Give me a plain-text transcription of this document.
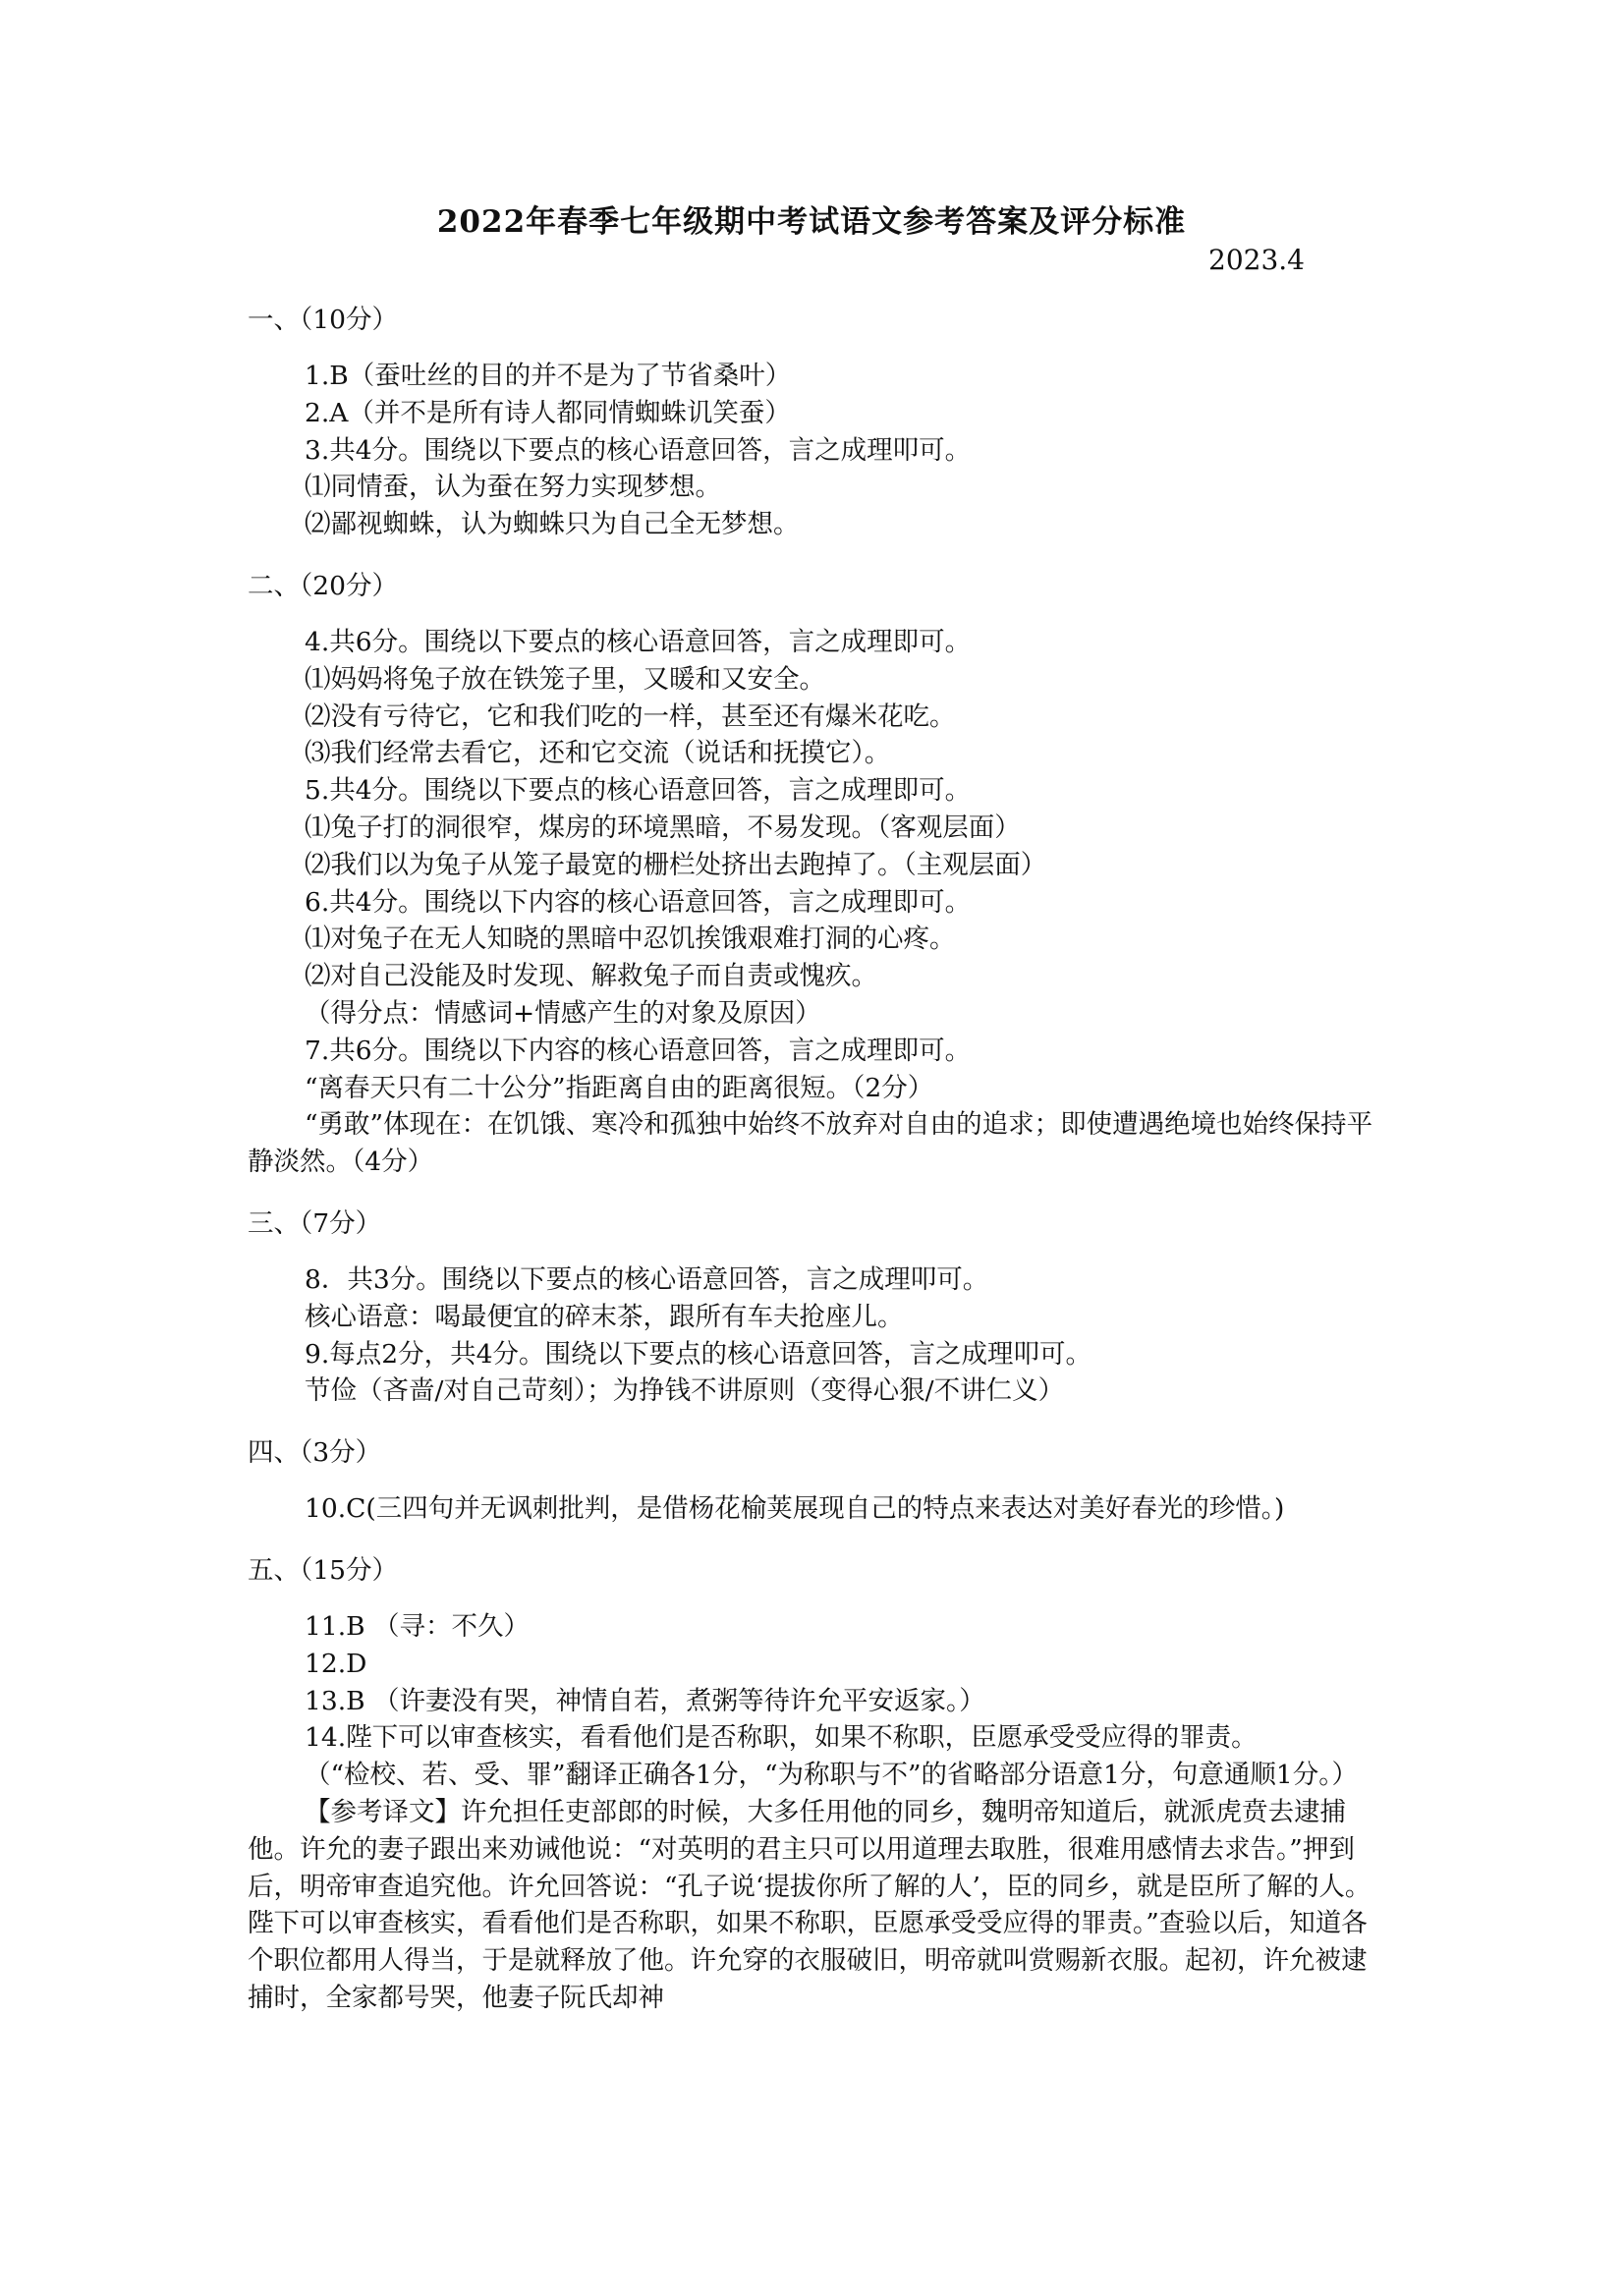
2022年春季七年级期中考试语文参考答案及评分标准
2023.4
一、（10分）
1.B（蚕吐丝的目的并不是为了节省桑叶）
2.A（并不是所有诗人都同情蜘蛛讥笑蚕）
3.共4分。围绕以下要点的核心语意回答，言之成理叩可。
⑴同情蚕，认为蚕在努力实现梦想。
⑵鄙视蜘蛛，认为蜘蛛只为自己全无梦想。
二、（20分）
4.共6分。围绕以下要点的核心语意回答，言之成理即可。
⑴妈妈将兔子放在铁笼子里，又暖和又安全。
⑵没有亏待它，它和我们吃的一样，甚至还有爆米花吃。
⑶我们经常去看它，还和它交流（说话和抚摸它）。
5.共4分。围绕以下要点的核心语意回答，言之成理即可。
⑴兔子打的洞很窄，煤房的环境黑暗，不易发现。（客观层面）
⑵我们以为兔子从笼子最宽的栅栏处挤出去跑掉了。（主观层面）
6.共4分。围绕以下内容的核心语意回答，言之成理即可。
⑴对兔子在无人知晓的黑暗中忍饥挨饿艰难打洞的心疼。
⑵对自己没能及时发现、解救兔子而自责或愧疚。
（得分点：情感词+情感产生的对象及原因）
7.共6分。围绕以下内容的核心语意回答，言之成理即可。
“离春天只有二十公分”指距离自由的距离很短。（2分）
“勇敢”体现在：在饥饿、寒冷和孤独中始终不放弃对自由的追求；即使遭遇绝境也始终保持平静淡然。（4分）
三、（7分）
8．共3分。围绕以下要点的核心语意回答，言之成理叩可。
核心语意：喝最便宜的碎末茶，跟所有车夫抢座儿。
9.每点2分，共4分。围绕以下要点的核心语意回答，言之成理叩可。
节俭（吝啬/对自己苛刻）；为挣钱不讲原则（变得心狠/不讲仁义）
四、（3分）
10.C(三四句并无讽刺批判，是借杨花榆荚展现自己的特点来表达对美好春光的珍惜。)
五、（15分）
11.B （寻：不久）
12.D
13.B （许妻没有哭，神情自若，煮粥等待许允平安返家。）
14.陛下可以审查核实，看看他们是否称职，如果不称职，臣愿承受受应得的罪责。
（“检校、若、受、罪”翻译正确各1分，“为称职与不”的省略部分语意1分，句意通顺1分。）
【参考译文】许允担任吏部郎的时候，大多任用他的同乡，魏明帝知道后，就派虎贲去逮捕他。许允的妻子跟出来劝诫他说：“对英明的君主只可以用道理去取胜，很难用感情去求告。”押到后，明帝审查追究他。许允回答说：“孔子说‘提拔你所了解的人’，臣的同乡，就是臣所了解的人。陛下可以审查核实，看看他们是否称职，如果不称职，臣愿承受受应得的罪责。”查验以后，知道各个职位都用人得当，于是就释放了他。许允穿的衣服破旧，明帝就叫赏赐新衣服。起初，许允被逮捕时，全家都号哭，他妻子阮氏却神
